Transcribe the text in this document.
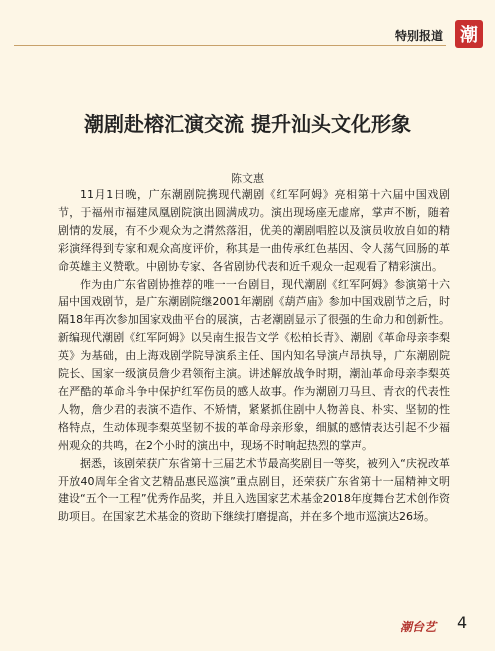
特别报道 潮
潮剧赴榕汇演交流 提升汕头文化形象
陈文惠

11月1日晚，广东潮剧院携现代潮剧《红军阿姆》亮相第十六届中国戏剧节，于福州市福建凤凰剧院演出圆满成功。演出现场座无虚席，掌声不断，随着剧情的发展，有不少观众为之潸然落泪，优美的潮剧唱腔以及演员收放自如的精彩演绎得到专家和观众高度评价，称其是一曲传承红色基因、令人荡气回肠的革命英雄主义赞歌。中剧协专家、各省剧协代表和近千观众一起观看了精彩演出。

作为由广东省剧协推荐的唯一一台剧目，现代潮剧《红军阿姆》参演第十六届中国戏剧节，是广东潮剧院继2001年潮剧《葫芦庙》参加中国戏剧节之后，时隔18年再次参加国家戏曲平台的展演，古老潮剧显示了很强的生命力和创新性。新编现代潮剧《红军阿姆》以吴南生报告文学《松柏长青》、潮剧《革命母亲李梨英》为基础，由上海戏剧学院导演系主任、国内知名导演卢昂执导，广东潮剧院院长、国家一级演员詹少君领衔主演。讲述解放战争时期，潮汕革命母亲李梨英在严酷的革命斗争中保护红军伤员的感人故事。作为潮剧刀马旦、青衣的代表性人物，詹少君的表演不造作、不矫情，紧紧抓住剧中人物善良、朴实、坚韧的性格特点，生动体现李梨英坚韧不拔的革命母亲形象，细腻的感情表达引起不少福州观众的共鸣，在2个小时的演出中，现场不时响起热烈的掌声。

据悉，该剧荣获广东省第十三届艺术节最高奖剧目一等奖，被列入“庆祝改革开放40周年全省文艺精品惠民巡演”重点剧目，还荣获广东省第十一届精神文明建设“五个一工程”优秀作品奖，并且入选国家艺术基金2018年度舞台艺术创作资助项目。在国家艺术基金的资助下继续打磨提高，并在多个地市巡演达26场。

潮台艺 4
